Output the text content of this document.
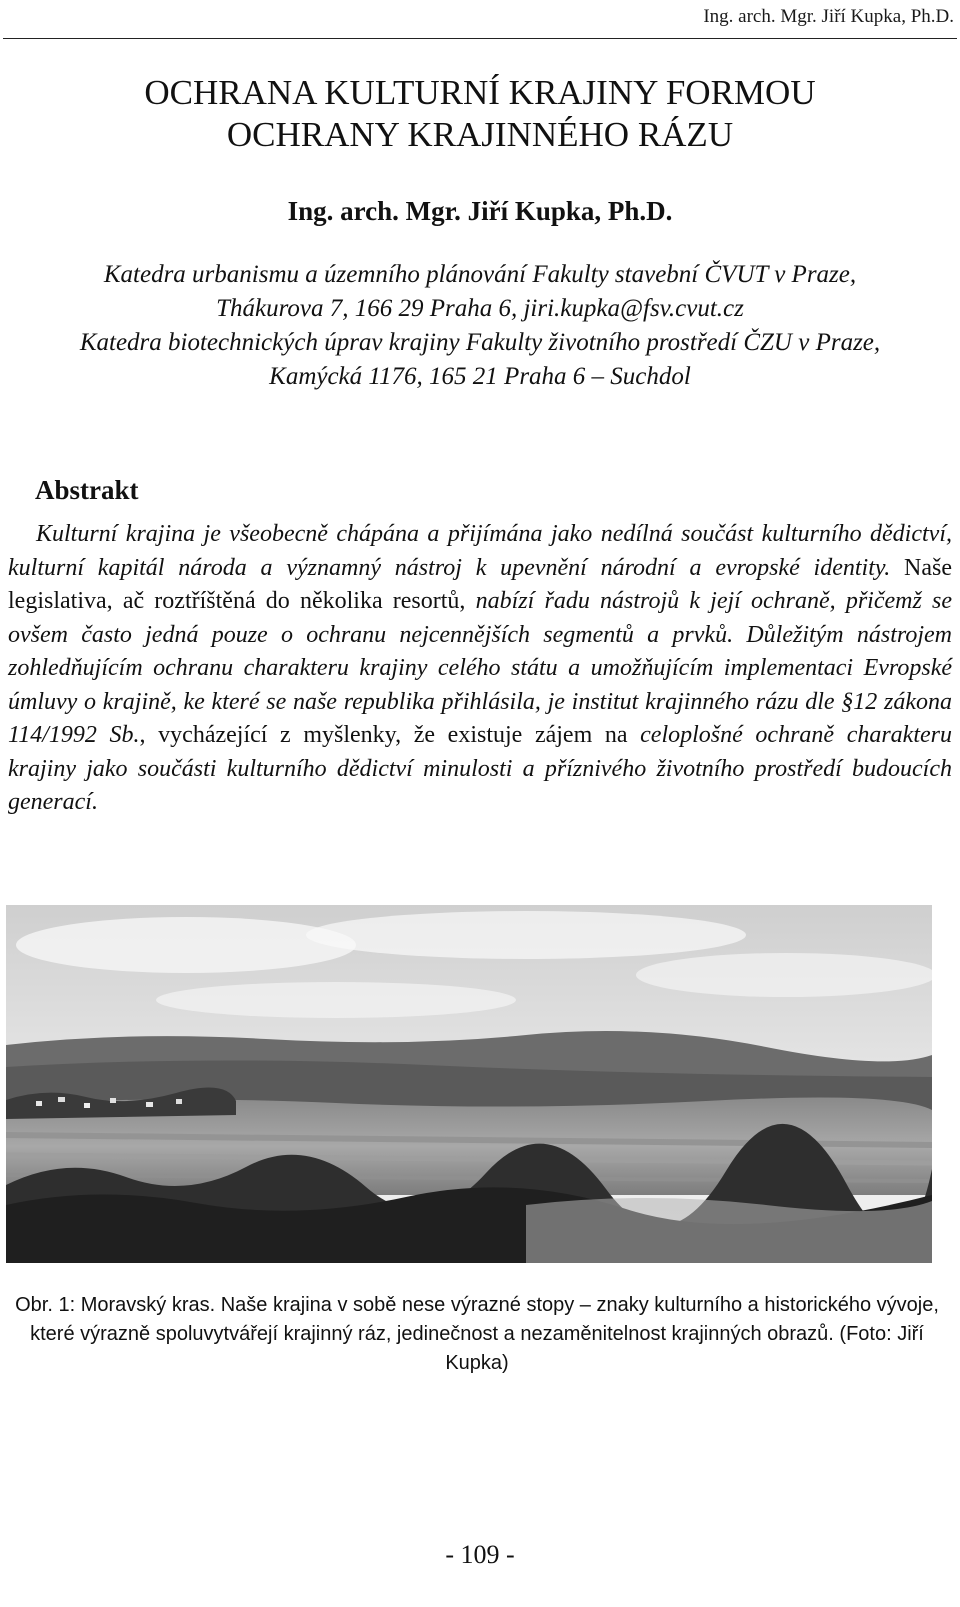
Ing. arch. Mgr. Jiří Kupka, Ph.D.
OCHRANA KULTURNÍ KRAJINY FORMOU
OCHRANY KRAJINNÉHO RÁZU
Ing. arch. Mgr. Jiří Kupka, Ph.D.

Katedra urbanismu a územního plánování Fakulty stavební ČVUT v Praze,
Thákurova 7, 166 29 Praha 6, jiri.kupka@fsv.cvut.cz
Katedra biotechnických úprav krajiny Fakulty životního prostředí ČZU v Praze,
Kamýcká 1176, 165 21 Praha 6 – Suchdol

Abstrakt

Kulturní krajina je všeobecně chápána a přijímána jako nedílná součást kulturního dědictví, kulturní kapitál národa a významný nástroj k upevnění národní a evropské identity. Naše legislativa, ač roztříštěná do několika resortů, nabízí řadu nástrojů k její ochraně, přičemž se ovšem často jedná pouze o ochranu nejcennějších segmentů a prvků. Důležitým nástrojem zohledňujícím ochranu charakteru krajiny celého státu a umožňujícím implementaci Evropské úmluvy o krajině, ke které se naše republika přihlásila, je institut krajinného rázu dle §12 zákona 114/1992 Sb., vycházející z myšlenky, že existuje zájem na celoplošné ochraně charakteru krajiny jako součásti kulturního dědictví minulosti a příznivého životního prostředí budoucích generací.

Obr. 1: Moravský kras. Naše krajina v sobě nese výrazné stopy – znaky kulturního a historického vývoje, které výrazně spoluvytvářejí krajinný ráz, jedinečnost a nezaměnitelnost krajinných obrazů. (Foto: Jiří Kupka)

- 109 -
